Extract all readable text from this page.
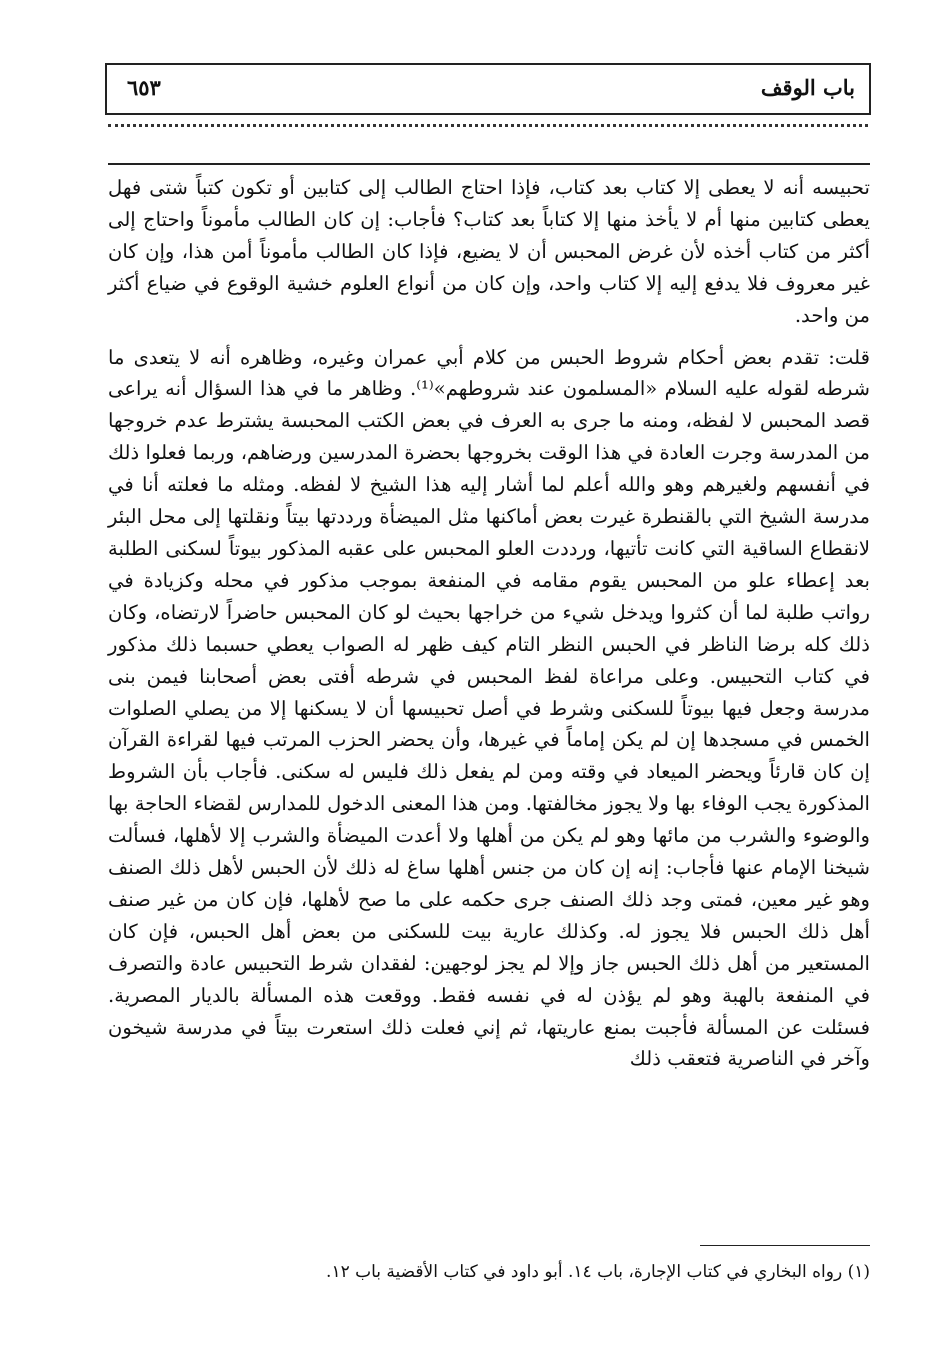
باب الوقف
٦٥٣

تحبيسه أنه لا يعطى إلا كتاب بعد كتاب، فإذا احتاج الطالب إلى كتابين أو تكون كتباً شتى فهل يعطى كتابين منها أم لا يأخذ منها إلا كتاباً بعد كتاب؟ فأجاب: إن كان الطالب مأموناً واحتاج إلى أكثر من كتاب أخذه لأن غرض المحبس أن لا يضيع، فإذا كان الطالب مأموناً أمن هذا، وإن كان غير معروف فلا يدفع إليه إلا كتاب واحد، وإن كان من أنواع العلوم خشية الوقوع في ضياع أكثر من واحد.

قلت: تقدم بعض أحكام شروط الحبس من كلام أبي عمران وغيره، وظاهره أنه لا يتعدى ما شرطه لقوله عليه السلام «المسلمون عند شروطهم»⁽¹⁾. وظاهر ما في هذا السؤال أنه يراعى قصد المحبس لا لفظه، ومنه ما جرى به العرف في بعض الكتب المحبسة يشترط عدم خروجها من المدرسة وجرت العادة في هذا الوقت بخروجها بحضرة المدرسين ورضاهم، وربما فعلوا ذلك في أنفسهم ولغيرهم وهو والله أعلم لما أشار إليه هذا الشيخ لا لفظه. ومثله ما فعلته أنا في مدرسة الشيخ التي بالقنطرة غيرت بعض أماكنها مثل الميضأة ورددتها بيتاً ونقلتها إلى محل البئر لانقطاع الساقية التي كانت تأتيها، ورددت العلو المحبس على عقبه المذكور بيوتاً لسكنى الطلبة بعد إعطاء علو من المحبس يقوم مقامه في المنفعة بموجب مذكور في محله وكزيادة في رواتب طلبة لما أن كثروا ويدخل شيء من خراجها بحيث لو كان المحبس حاضراً لارتضاه، وكان ذلك كله برضا الناظر في الحبس النظر التام كيف ظهر له الصواب يعطي حسبما ذلك مذكور في كتاب التحبيس. وعلى مراعاة لفظ المحبس في شرطه أفتى بعض أصحابنا فيمن بنى مدرسة وجعل فيها بيوتاً للسكنى وشرط في أصل تحبيسها أن لا يسكنها إلا من يصلي الصلوات الخمس في مسجدها إن لم يكن إماماً في غيرها، وأن يحضر الحزب المرتب فيها لقراءة القرآن إن كان قارئاً ويحضر الميعاد في وقته ومن لم يفعل ذلك فليس له سكنى. فأجاب بأن الشروط المذكورة يجب الوفاء بها ولا يجوز مخالفتها. ومن هذا المعنى الدخول للمدارس لقضاء الحاجة بها والوضوء والشرب من مائها وهو لم يكن من أهلها ولا أعدت الميضأة والشرب إلا لأهلها، فسألت شيخنا الإمام عنها فأجاب: إنه إن كان من جنس أهلها ساغ له ذلك لأن الحبس لأهل ذلك الصنف وهو غير معين، فمتى وجد ذلك الصنف جرى حكمه على ما صح لأهلها، فإن كان من غير صنف أهل ذلك الحبس فلا يجوز له. وكذلك عارية بيت للسكنى من بعض أهل الحبس، فإن كان المستعير من أهل ذلك الحبس جاز وإلا لم يجز لوجهين: لفقدان شرط التحبيس عادة والتصرف في المنفعة بالهبة وهو لم يؤذن له في نفسه فقط. ووقعت هذه المسألة بالديار المصرية. فسئلت عن المسألة فأجبت بمنع عاريتها، ثم إني فعلت ذلك استعرت بيتاً في مدرسة شيخون وآخر في الناصرية فتعقب ذلك

(١) رواه البخاري في كتاب الإجارة، باب ١٤. أبو داود في كتاب الأقضية باب ١٢.
